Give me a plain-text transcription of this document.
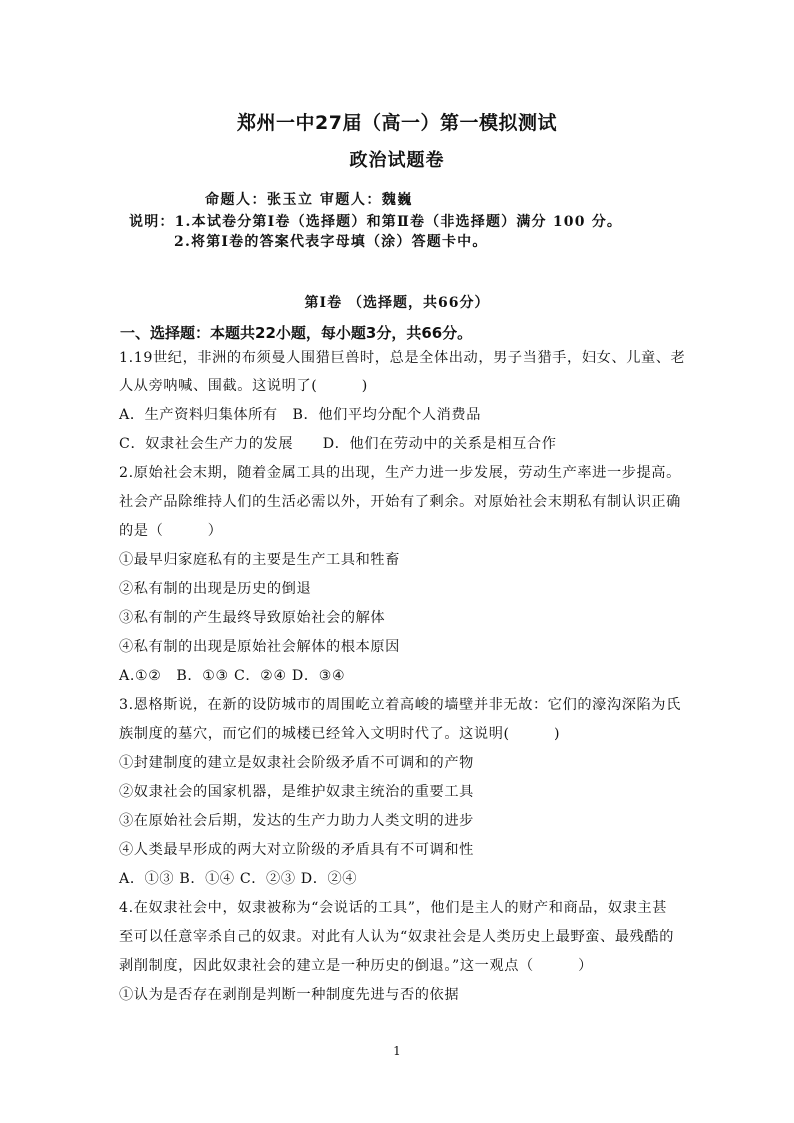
郑州一中27届（高一）第一模拟测试
政治试题卷
命题人：张玉立 审题人：魏巍
说明：1.本试卷分第Ⅰ卷（选择题）和第Ⅱ卷（非选择题）满分 100 分。
2.将第Ⅰ卷的答案代表字母填（涂）答题卡中。
第Ⅰ卷 （选择题，共66分）
一、选择题：本题共22小题，每小题3分，共66分。
1.19世纪，非洲的布须曼人围猎巨兽时，总是全体出动，男子当猎手，妇女、儿童、老
人从旁呐喊、围截。这说明了(　　　)
A．生产资料归集体所有　B．他们平均分配个人消费品
C．奴隶社会生产力的发展　　D．他们在劳动中的关系是相互合作
2.原始社会末期，随着金属工具的出现，生产力进一步发展，劳动生产率进一步提高。
社会产品除维持人们的生活必需以外，开始有了剩余。对原始社会末期私有制认识正确
的是（　　　）
①最早归家庭私有的主要是生产工具和牲畜
②私有制的出现是历史的倒退
③私有制的产生最终导致原始社会的解体
④私有制的出现是原始社会解体的根本原因
A.①②　B．①③ C．②④ D．③④
3.恩格斯说，在新的设防城市的周围屹立着高峻的墙壁并非无故：它们的濠沟深陷为氏
族制度的墓穴，而它们的城楼已经耸入文明时代了。这说明(　　　)
①封建制度的建立是奴隶社会阶级矛盾不可调和的产物
②奴隶社会的国家机器，是维护奴隶主统治的重要工具
③在原始社会后期，发达的生产力助力人类文明的进步
④人类最早形成的两大对立阶级的矛盾具有不可调和性
A．①③ B．①④ C．②③ D．②④
4.在奴隶社会中，奴隶被称为“会说话的工具”，他们是主人的财产和商品，奴隶主甚
至可以任意宰杀自己的奴隶。对此有人认为“奴隶社会是人类历史上最野蛮、最残酷的
剥削制度，因此奴隶社会的建立是一种历史的倒退。”这一观点（　　　）
①认为是否存在剥削是判断一种制度先进与否的依据
1
